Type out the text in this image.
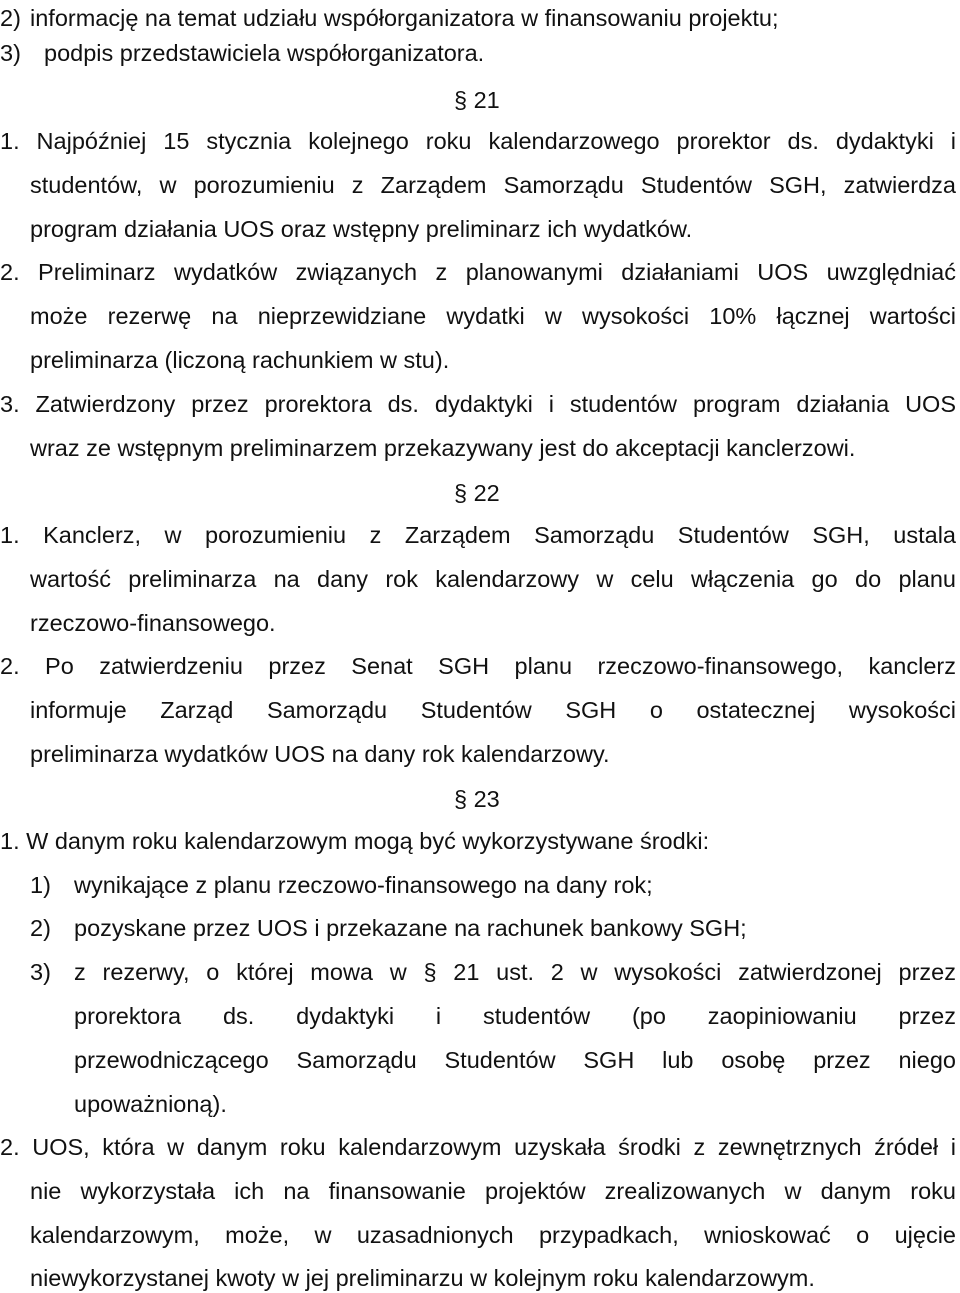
2) informację na temat udziału współorganizatora w finansowaniu projektu;
3) podpis przedstawiciela współorganizatora.
§ 21
1. Najpóźniej 15 stycznia kolejnego roku kalendarzowego prorektor ds. dydaktyki i
studentów, w porozumieniu z Zarządem Samorządu Studentów SGH, zatwierdza
program działania UOS oraz wstępny preliminarz ich wydatków.
2. Preliminarz wydatków związanych z planowanymi działaniami UOS uwzględniać
może rezerwę na nieprzewidziane wydatki w wysokości 10% łącznej wartości
preliminarza (liczoną rachunkiem w stu).
3. Zatwierdzony przez prorektora ds. dydaktyki i studentów program działania UOS
wraz ze wstępnym preliminarzem przekazywany jest do akceptacji kanclerzowi.
§ 22
1. Kanclerz, w porozumieniu z Zarządem Samorządu Studentów SGH, ustala
wartość preliminarza na dany rok kalendarzowy w celu włączenia go do planu
rzeczowo-finansowego.
2. Po zatwierdzeniu przez Senat SGH planu rzeczowo-finansowego, kanclerz
informuje Zarząd Samorządu Studentów SGH o ostatecznej wysokości
preliminarza wydatków UOS na dany rok kalendarzowy.
§ 23
1. W danym roku kalendarzowym mogą być wykorzystywane środki:
1) wynikające z planu rzeczowo-finansowego na dany rok;
2) pozyskane przez UOS i przekazane na rachunek bankowy SGH;
3) z rezerwy, o której mowa w § 21 ust. 2 w wysokości zatwierdzonej przez
prorektora ds. dydaktyki i studentów (po zaopiniowaniu przez
przewodniczącego Samorządu Studentów SGH lub osobę przez niego
upoważnioną).
2. UOS, która w danym roku kalendarzowym uzyskała środki z zewnętrznych źródeł i
nie wykorzystała ich na finansowanie projektów zrealizowanych w danym roku
kalendarzowym, może, w uzasadnionych przypadkach, wnioskować o ujęcie
niewykorzystanej kwoty w jej preliminarzu w kolejnym roku kalendarzowym.
